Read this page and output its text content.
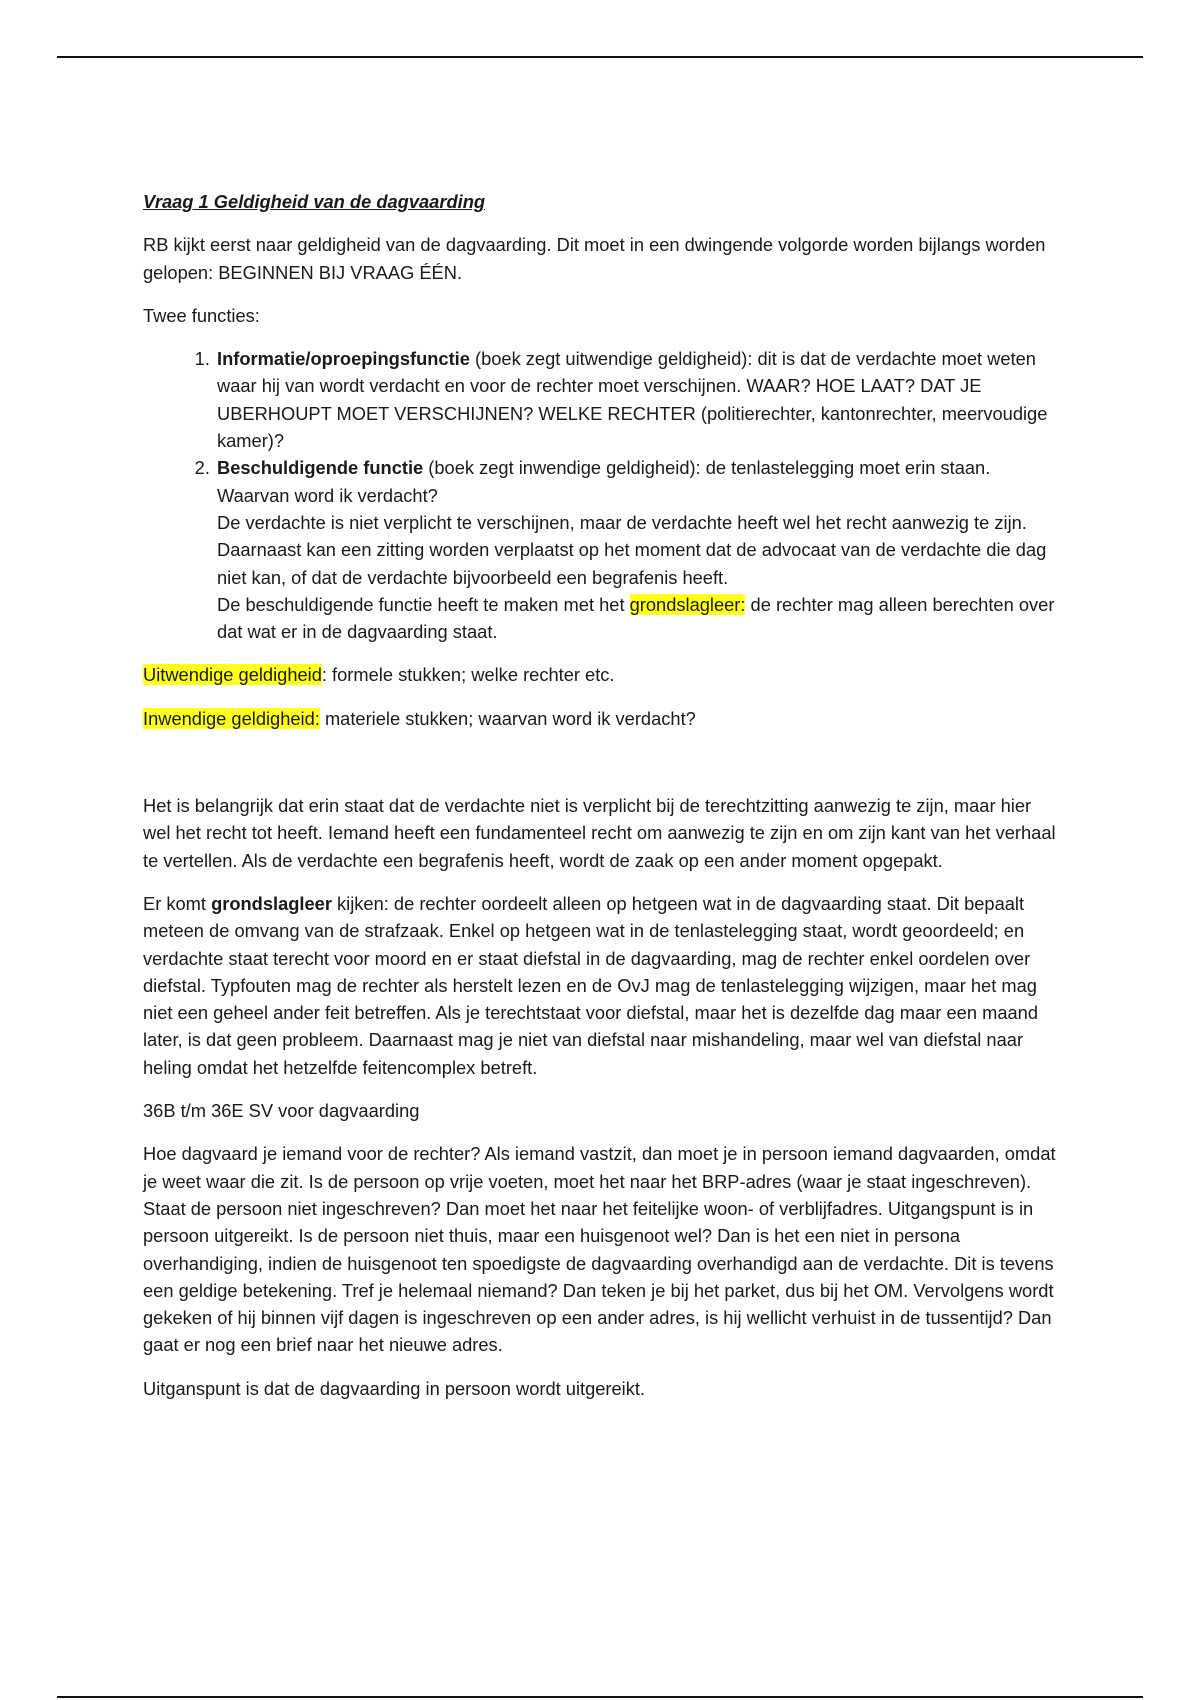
Vraag 1 Geldigheid van de dagvaarding

RB kijkt eerst naar geldigheid van de dagvaarding. Dit moet in een dwingende volgorde worden bijlangs worden gelopen: BEGINNEN BIJ VRAAG ÉÉN.

Twee functies:

1. Informatie/oproepingsfunctie (boek zegt uitwendige geldigheid): dit is dat de verdachte moet weten waar hij van wordt verdacht en voor de rechter moet verschijnen. WAAR? HOE LAAT? DAT JE UBERHOUPT MOET VERSCHIJNEN? WELKE RECHTER (politierechter, kantonrechter, meervoudige kamer)?
2. Beschuldigende functie (boek zegt inwendige geldigheid): de tenlastelegging moet erin staan. Waarvan word ik verdacht?
De verdachte is niet verplicht te verschijnen, maar de verdachte heeft wel het recht aanwezig te zijn.
Daarnaast kan een zitting worden verplaatst op het moment dat de advocaat van de verdachte die dag niet kan, of dat de verdachte bijvoorbeeld een begrafenis heeft.
De beschuldigende functie heeft te maken met het grondslagleer: de rechter mag alleen berechten over dat wat er in de dagvaarding staat.

Uitwendige geldigheid: formele stukken; welke rechter etc.

Inwendige geldigheid: materiele stukken; waarvan word ik verdacht?

Het is belangrijk dat erin staat dat de verdachte niet is verplicht bij de terechtzitting aanwezig te zijn, maar hier wel het recht tot heeft. Iemand heeft een fundamenteel recht om aanwezig te zijn en om zijn kant van het verhaal te vertellen. Als de verdachte een begrafenis heeft, wordt de zaak op een ander moment opgepakt.

Er komt grondslagleer kijken: de rechter oordeelt alleen op hetgeen wat in de dagvaarding staat. Dit bepaalt meteen de omvang van de strafzaak. Enkel op hetgeen wat in de tenlastelegging staat, wordt geoordeeld; en verdachte staat terecht voor moord en er staat diefstal in de dagvaarding, mag de rechter enkel oordelen over diefstal. Typfouten mag de rechter als herstelt lezen en de OvJ mag de tenlastelegging wijzigen, maar het mag niet een geheel ander feit betreffen. Als je terechtstaat voor diefstal, maar het is dezelfde dag maar een maand later, is dat geen probleem. Daarnaast mag je niet van diefstal naar mishandeling, maar wel van diefstal naar heling omdat het hetzelfde feitencomplex betreft.

36B t/m 36E SV voor dagvaarding

Hoe dagvaard je iemand voor de rechter? Als iemand vastzit, dan moet je in persoon iemand dagvaarden, omdat je weet waar die zit. Is de persoon op vrije voeten, moet het naar het BRP-adres (waar je staat ingeschreven). Staat de persoon niet ingeschreven? Dan moet het naar het feitelijke woon- of verblijfadres. Uitgangspunt is in persoon uitgereikt. Is de persoon niet thuis, maar een huisgenoot wel? Dan is het een niet in persona overhandiging, indien de huisgenoot ten spoedigste de dagvaarding overhandigd aan de verdachte. Dit is tevens een geldige betekening. Tref je helemaal niemand? Dan teken je bij het parket, dus bij het OM. Vervolgens wordt gekeken of hij binnen vijf dagen is ingeschreven op een ander adres, is hij wellicht verhuist in de tussentijd? Dan gaat er nog een brief naar het nieuwe adres.

Uitganspunt is dat de dagvaarding in persoon wordt uitgereikt.
